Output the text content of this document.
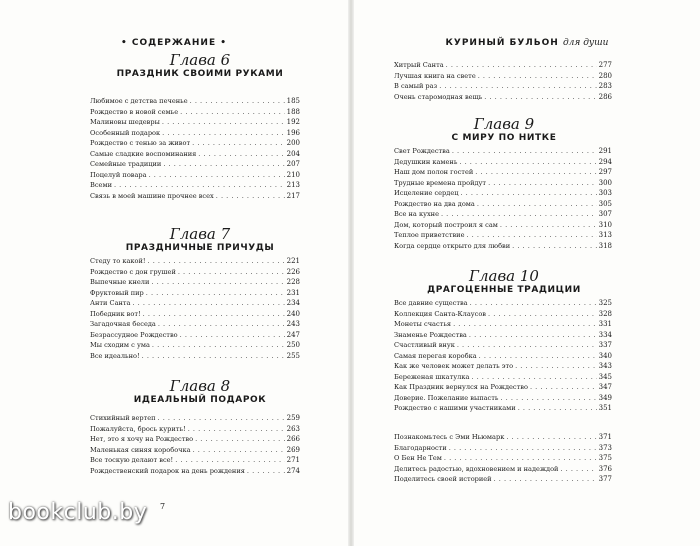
• СОДЕРЖАНИЕ •
Глава 6
ПРАЗДНИК СВОИМИ РУКАМИ
Любимое с детства печенье . . .	185
Рождество в новой семье . . .	188
Малиновы шедевры . . .	192
Особенный подарок . . .	196
Рождество с тенью за живот . . .	200
Самые сладкие воспоминания . . .	204
Семейные традиции . . .	207
Поцелуй повара . . .	210
Всеми . . .	213
Связь в моей машине прочнее всех . . .	217
Глава 7
ПРАЗДНИЧНЫЕ ПРИЧУДЫ
Стеду то какой! . . .	221
Рождество с дон грушей . . .	226
Выпечные кнели . . .	228
Фруктовый пир . . .	231
Анти Санта . . .	234
Победник вот! . . .	240
Загадочная беседа . . .	243
Безрассудное Рождество . . .	247
Мы сходим с ума . . .	250
Все идеально! . . .	255
Глава 8
ИДЕАЛЬНЫЙ ПОДАРОК
Стихийный вертеп . . .	259
Пожалуйста, брось курить! . . .	263
Нет, это я хочу на Рождество . . .	266
Маленькая синяя коробочка . . .	269
Все тоскую делают все! . . .	271
Рождественский подарок на день рождения . . .	274
7
КУРИНЫЙ БУЛЬОН для души
Хитрый Санта . . .	277
Лучшая книга на свете . . .	280
В самый раз . . .	283
Очень старомодная вещь . . .	286
Глава 9
С МИРУ ПО НИТКЕ
Свет Рождества . . .	291
Дедушкин камень . . .	294
Наш дом полон гостей . . .	297
Трудные времена пройдут . . .	300
Исцеление сердец . . .	303
Рождество на два дома . . .	305
Все на кухне . . .	307
Дом, который построил я сам . . .	310
Теплое приветствие . . .	313
Когда сердце открыто для любви . . .	318
Глава 10
ДРАГОЦЕННЫЕ ТРАДИЦИИ
Все давние существа . . .	325
Коллекция Санта-Клаусов . . .	328
Монеты счастья . . .	331
Знаменье Рождества . . .	334
Счастливый внук . . .	337
Самая перегая коробка . . .	340
Как же человек может делать это . . .	343
Береженая шкатулка . . .	345
Как Праздник вернулся на Рождество . . .	347
Доверие. Пожелание выпасть . . .	349
Рождество с нашими участниками . . .	351
Познакомьтесь с Эми Ньюмарк . . .	371
Благодарности . . .	373
О Бен Не Тем . . .	375
Делитесь радостью, вдохновением и надеждой . . .	376
Поделитесь своей историей . . .	377
bookclub.by
